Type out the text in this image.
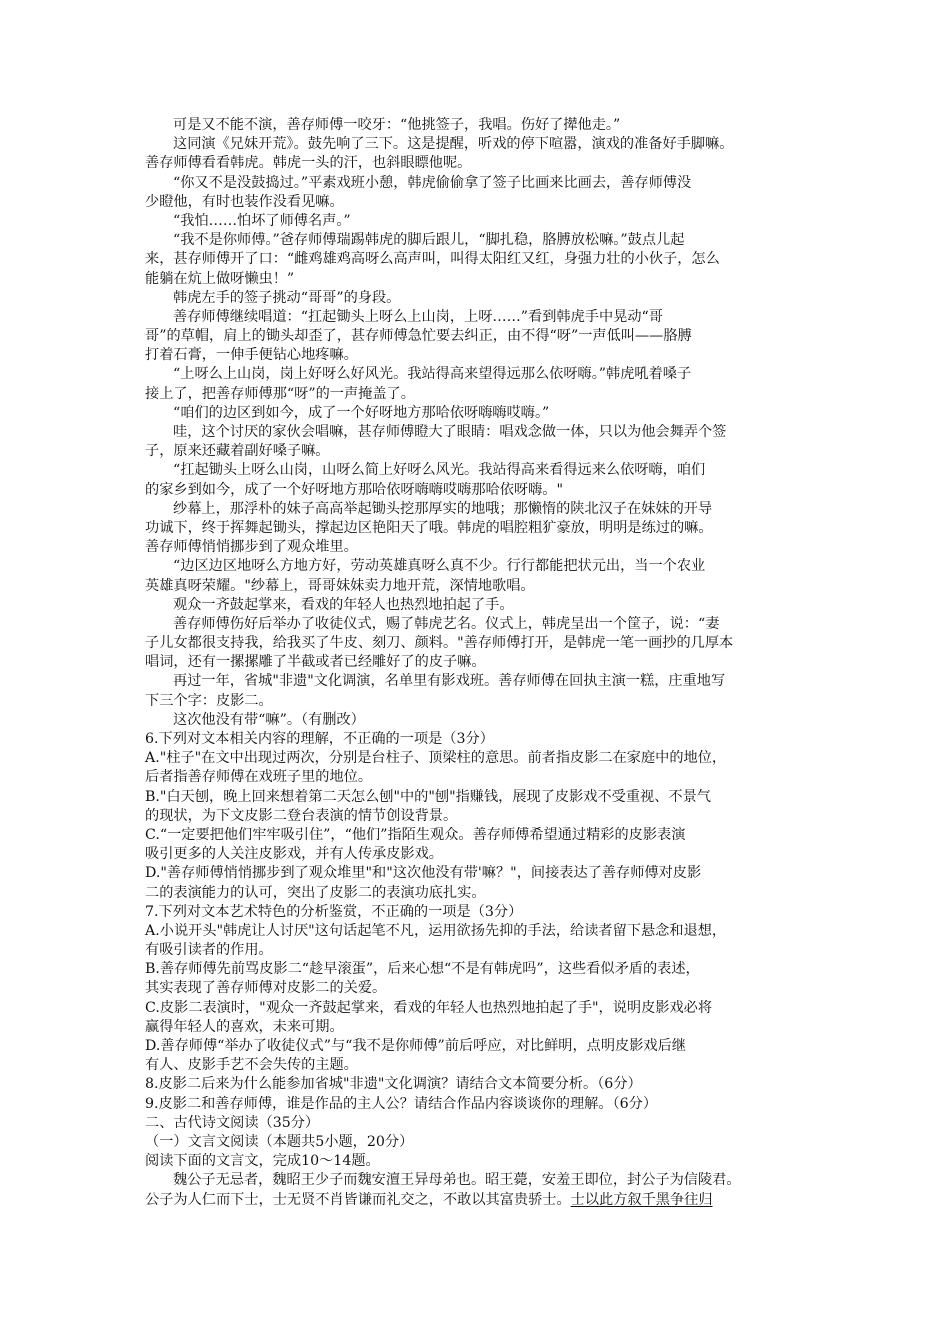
可是又不能不演，善存师傅一咬牙：“他挑签子，我唱。伤好了撵他走。”
这同演《兄妹开荒》。鼓先响了三下。这是提醒，听戏的停下喧嚣，演戏的准备好手脚嘛。
善存师傅看看韩虎。韩虎一头的汗，也斜眼瞟他呢。
“你又不是没鼓捣过。”平素戏班小憩，韩虎偷偷拿了签子比画来比画去，善存师傅没
少瞪他，有时也装作没看见嘛。
“我怕……怕坏了师傅名声。”
“我不是你师傅。”爸存师傅瑞踢韩虎的脚后跟儿，“脚扎稳，胳膊放松嘛。”鼓点儿起
来，甚存师傅开了口：“雌鸡雄鸡高呀么高声叫，叫得太阳红又红，身强力壮的小伙子，怎么
能躺在炕上做呀懒虫！”
韩虎左手的签子挑动“哥哥”的身段。
善存师傅继续唱道：“扛起锄头上呀么上山岗，上呀……”看到韩虎手中晃动“哥
哥”的草帽，肩上的锄头却歪了，甚存师傅急忙要去纠正，由不得“呀”一声低叫——胳膊
打着石膏，一伸手便钻心地疼嘛。
“上呀么上山岗，岗上好呀么好风光。我站得高来望得远那么依呀嗨。”韩虎吼着嗓子
接上了，把善存师傅那“呀”的一声掩盖了。
“咱们的边区到如今，成了一个好呀地方那哈依呀嗨嗨哎嗨。”
哇，这个讨厌的家伙会唱嘛，甚存师傅瞪大了眼睛：唱戏念做一体，只以为他会舞弄个签
子，原来还藏着副好嗓子嘛。
“扛起锄头上呀么山岗，山呀么简上好呀么风光。我站得高来看得远来么依呀嗨，咱们
的家乡到如今，成了一个好呀地方那哈依呀嗨嗨哎嗨那哈依呀嗨。"
纱幕上，那浮朴的妹子高高举起锄头挖那厚实的地哦；那懒惰的陕北汉子在妹妹的开导
功诚下，终于挥舞起锄头，撑起边区艳阳天了哦。韩虎的唱腔粗犷豪放，明明是练过的嘛。
善存师傅悄悄挪步到了观众堆里。
“边区边区地呀么方地方好，劳动英雄真呀么真不少。行行都能把状元出，当一个农业
英雄真呀荣耀。"纱幕上，哥哥妹妹卖力地开荒，深情地歌唱。
观众一齐鼓起掌来，看戏的年轻人也热烈地拍起了手。
善存师傅伤好后举办了收徒仪式，赐了韩虎艺名。仪式上，韩虎呈出一个筐子，说：“妻
子儿女都很支持我，给我买了牛皮、刻刀、颜料。"善存师傅打开，是韩虎一笔一画抄的几厚本
唱词，还有一摞摞雕了半截或者已经雕好了的皮子嘛。
再过一年，省城"非遗"文化调演，名单里有影戏班。善存师傅在回执主演一糕，庄重地写
下三个字：皮影二。
这次他没有带“嘛”。（有删改）
6.下列对文本相关内容的理解，不正确的一项是（3分）
A."柱子"在文中出现过两次，分别是台柱子、顶梁柱的意思。前者指皮影二在家庭中的地位，
后者指善存师傅在戏班子里的地位。
B."白天刨，晚上回来想着第二天怎么刨"中的"刨"指赚钱，展现了皮影戏不受重视、不景气
的现状，为下文皮影二登台表演的情节创设背景。
C.“一定要把他们牢牢吸引住”，“他们”指陌生观众。善存师傅希望通过精彩的皮影表演
吸引更多的人关注皮影戏，并有人传承皮影戏。
D."善存师傅悄悄挪步到了观众堆里"和"这次他没有带'嘛？"，间接表达了善存师傅对皮影
二的表演能力的认可，突出了皮影二的表演功底扎实。
7.下列对文本艺术特色的分析鉴赏，不正确的一项是（3分）
A.小说开头"韩虎让人讨厌"这句话起笔不凡，运用欲扬先抑的手法，给读者留下悬念和退想，
有吸引读者的作用。
B.善存师傅先前骂皮影二“趁早滚蛋”，后来心想“不是有韩虎吗”，这些看似矛盾的表述，
其实表现了善存师傅对皮影二的关爱。
C.皮影二表演时，"观众一齐鼓起掌来，看戏的年轻人也热烈地拍起了手"，说明皮影戏必将
赢得年轻人的喜欢，未来可期。
D.善存师傅“举办了收徒仪式”与“我不是你师傅”前后呼应，对比鲜明，点明皮影戏后继
有人、皮影手艺不会失传的主题。
8.皮影二后来为什么能参加省城"非遗"文化调演？请结合文本简要分析。（6分）
9.皮影二和善存师傅，谁是作品的主人公？请结合作品内容谈谈你的理解。（6分）
二、古代诗文阅读（35分）
（一）文言文阅读（本题共5小题，20分）
阅读下面的文言文，完成10～14题。
魏公子无忌者，魏昭王少子而魏安澶王异母弟也。昭王薨，安羞王即位，封公子为信陵君。
公子为人仁而下士，士无贤不肖皆谦而礼交之，不敢以其富贵骄士。士以此方叙千黑争往归
